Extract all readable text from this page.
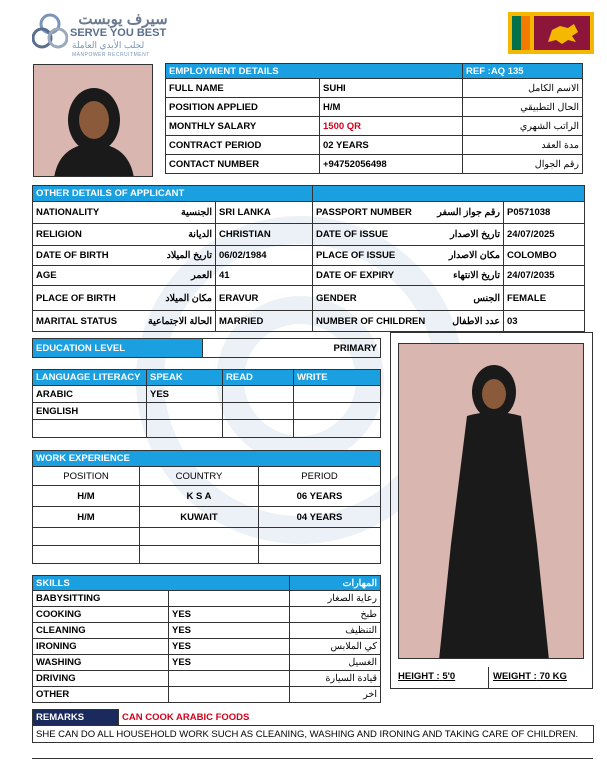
سيرف يوبست
SERVE YOU BEST
لجلب الأيدي العاملة
MANPOWER RECRUITMENT
EMPLOYMENT DETAILS		REF :AQ 135
FULL NAME	SUHI	الاسم الكامل
POSITION APPLIED	H/M	الحال التطبيقي
MONTHLY SALARY	1500 QR	الراتب الشهري
CONTRACT PERIOD	02 YEARS	مدة العقد
CONTACT NUMBER	+94752056498	رقم الجوال
OTHER DETAILS OF APPLICANT			
NATIONALITY الجنسية	SRI LANKA	PASSPORT NUMBER رقم جواز السفر	P0571038
RELIGION الديانة	CHRISTIAN	DATE OF ISSUE تاريخ الاصدار	24/07/2025
DATE OF BIRTH تاريخ الميلاد	06/02/1984	PLACE OF ISSUE مكان الاصدار	COLOMBO
AGE العمر	41	DATE OF EXPIRY تاريخ الانتهاء	24/07/2035
PLACE OF BIRTH مكان الميلاد	ERAVUR	GENDER الجنس	FEMALE
MARITAL STATUS الحالة الاجتماعية	MARRIED	NUMBER OF CHILDREN عدد الاطفال	03
EDUCATION LEVEL	PRIMARY
LANGUAGE LITERACY	SPEAK	READ	WRITE
ARABIC	YES		
ENGLISH			

WORK EXPERIENCE		
POSITION	COUNTRY	PERIOD
H/M	K S A	06 YEARS
H/M	KUWAIT	04 YEARS

SKILLS		المهارات
BABYSITTING		رعاية الصغار
COOKING	YES	طبخ
CLEANING	YES	التنظيف
IRONING	YES	كي الملابس
WASHING	YES	الغسيل
DRIVING		قيادة السيارة
OTHER		اخر
HEIGHT : 5'0	WEIGHT : 70 KG
REMARKS	CAN COOK ARABIC FOODS
SHE CAN DO ALL HOUSEHOLD WORK SUCH AS CLEANING, WASHING AND IRONING AND TAKING CARE OF CHILDREN.
